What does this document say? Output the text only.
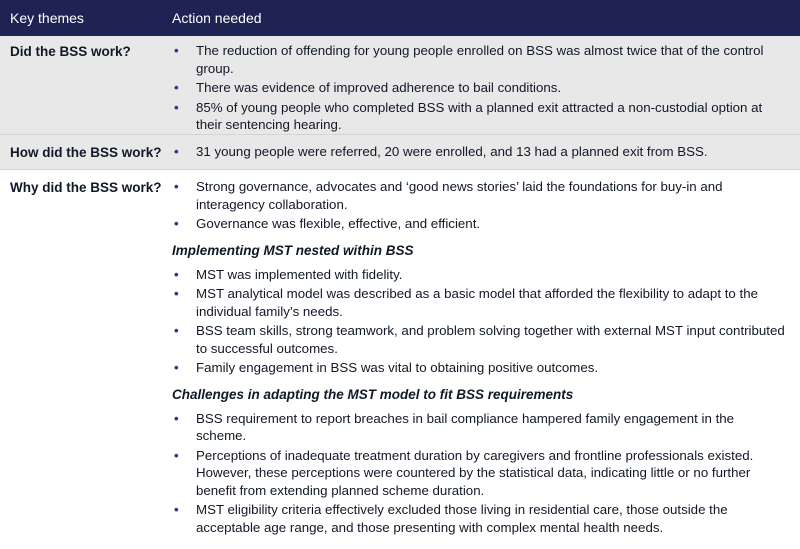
Key themes	Action needed
Did the BSS work?	• The reduction of offending for young people enrolled on BSS was almost twice that of the control group.
• There was evidence of improved adherence to bail conditions.
• 85% of young people who completed BSS with a planned exit attracted a non-custodial option at their sentencing hearing.
How did the BSS work? • 31 young people were referred, 20 were enrolled, and 13 had a planned exit from BSS.
Why did the BSS work? • Strong governance, advocates and ‘good news stories’ laid the foundations for buy-in and interagency collaboration.
• Governance was flexible, effective, and efficient.
Implementing MST nested within BSS
• MST was implemented with fidelity.
• MST analytical model was described as a basic model that afforded the flexibility to adapt to the individual family’s needs.
• BSS team skills, strong teamwork, and problem solving together with external MST input contributed to successful outcomes.
• Family engagement in BSS was vital to obtaining positive outcomes.
Challenges in adapting the MST model to fit BSS requirements
• BSS requirement to report breaches in bail compliance hampered family engagement in the scheme.
• Perceptions of inadequate treatment duration by caregivers and frontline professionals existed. However, these perceptions were countered by the statistical data, indicating little or no further benefit from extending planned scheme duration.
• MST eligibility criteria effectively excluded those living in residential care, those outside the acceptable age range, and those presenting with complex mental health needs.
